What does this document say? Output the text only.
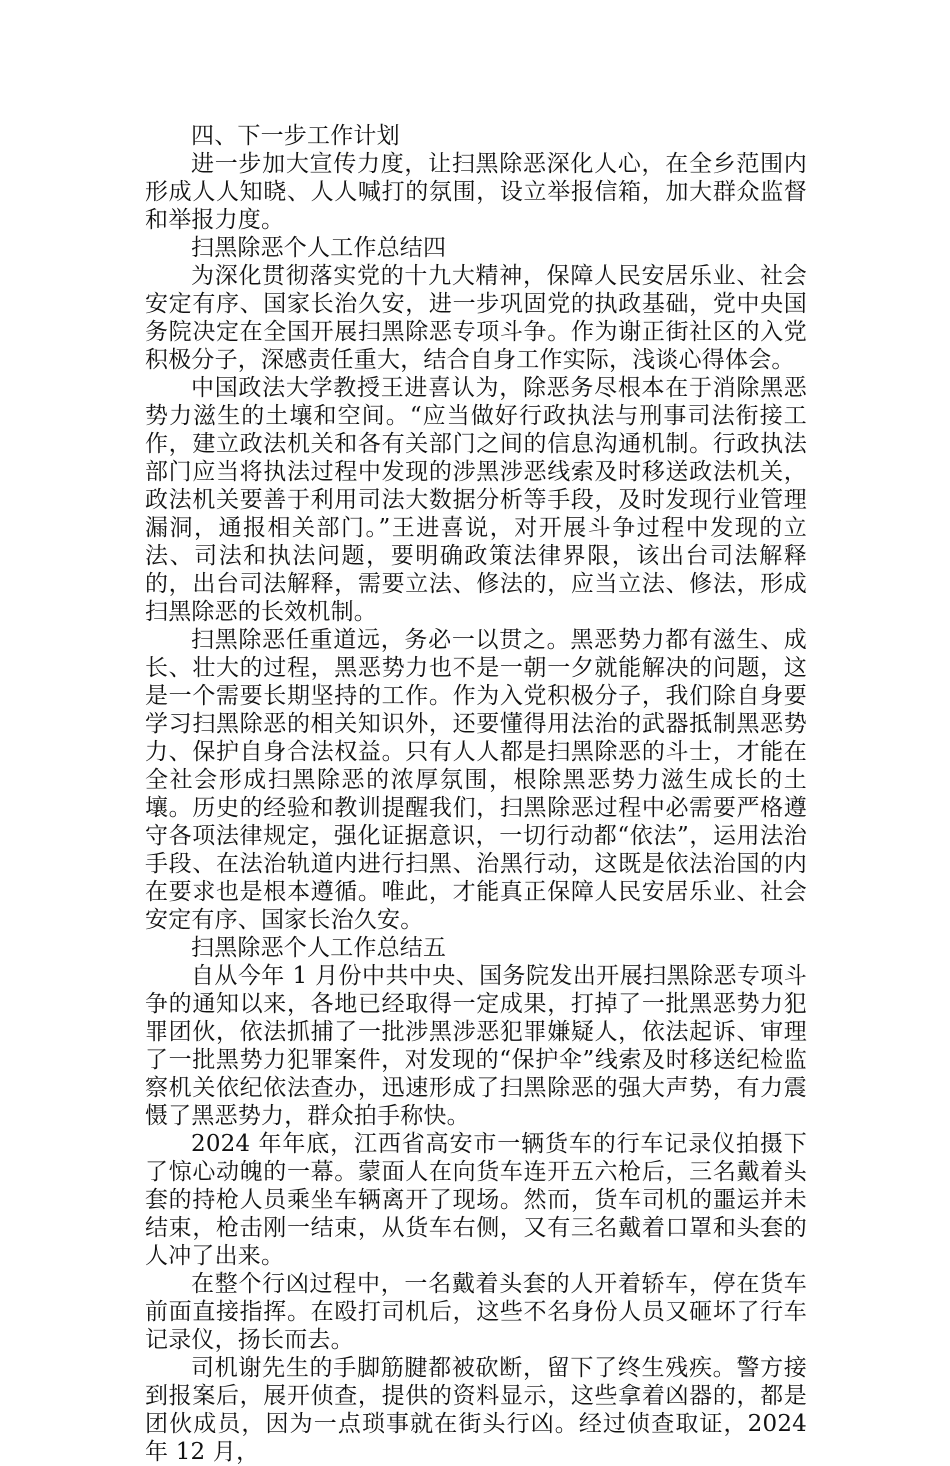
四、下一步工作计划

进一步加大宣传力度，让扫黑除恶深化人心，在全乡范围内形成人人知晓、人人喊打的氛围，设立举报信箱，加大群众监督和举报力度。

扫黑除恶个人工作总结四

为深化贯彻落实党的十九大精神，保障人民安居乐业、社会安定有序、国家长治久安，进一步巩固党的执政基础，党中央国务院决定在全国开展扫黑除恶专项斗争。作为谢正街社区的入党积极分子，深感责任重大，结合自身工作实际，浅谈心得体会。

中国政法大学教授王进喜认为，除恶务尽根本在于消除黑恶势力滋生的土壤和空间。“应当做好行政执法与刑事司法衔接工作，建立政法机关和各有关部门之间的信息沟通机制。行政执法部门应当将执法过程中发现的涉黑涉恶线索及时移送政法机关，政法机关要善于利用司法大数据分析等手段，及时发现行业管理漏洞，通报相关部门。”王进喜说，对开展斗争过程中发现的立法、司法和执法问题，要明确政策法律界限，该出台司法解释的，出台司法解释，需要立法、修法的，应当立法、修法，形成扫黑除恶的长效机制。

扫黑除恶任重道远，务必一以贯之。黑恶势力都有滋生、成长、壮大的过程，黑恶势力也不是一朝一夕就能解决的问题，这是一个需要长期坚持的工作。作为入党积极分子，我们除自身要学习扫黑除恶的相关知识外，还要懂得用法治的武器抵制黑恶势力、保护自身合法权益。只有人人都是扫黑除恶的斗士，才能在全社会形成扫黑除恶的浓厚氛围，根除黑恶势力滋生成长的土壤。历史的经验和教训提醒我们，扫黑除恶过程中必需要严格遵守各项法律规定，强化证据意识，一切行动都“依法”，运用法治手段、在法治轨道内进行扫黑、治黑行动，这既是依法治国的内在要求也是根本遵循。唯此，才能真正保障人民安居乐业、社会安定有序、国家长治久安。

扫黑除恶个人工作总结五

自从今年 1 月份中共中央、国务院发出开展扫黑除恶专项斗争的通知以来，各地已经取得一定成果，打掉了一批黑恶势力犯罪团伙，依法抓捕了一批涉黑涉恶犯罪嫌疑人，依法起诉、审理了一批黑势力犯罪案件，对发现的“保护伞”线索及时移送纪检监察机关依纪依法查办，迅速形成了扫黑除恶的强大声势，有力震慑了黑恶势力，群众拍手称快。

2024 年年底，江西省高安市一辆货车的行车记录仪拍摄下了惊心动魄的一幕。蒙面人在向货车连开五六枪后，三名戴着头套的持枪人员乘坐车辆离开了现场。然而，货车司机的噩运并未结束，枪击刚一结束，从货车右侧，又有三名戴着口罩和头套的人冲了出来。

在整个行凶过程中，一名戴着头套的人开着轿车，停在货车前面直接指挥。在殴打司机后，这些不名身份人员又砸坏了行车记录仪，扬长而去。

司机谢先生的手脚筋腱都被砍断，留下了终生残疾。警方接到报案后，展开侦查，提供的资料显示，这些拿着凶器的，都是团伙成员，因为一点琐事就在街头行凶。经过侦查取证，2024 年 12 月，
